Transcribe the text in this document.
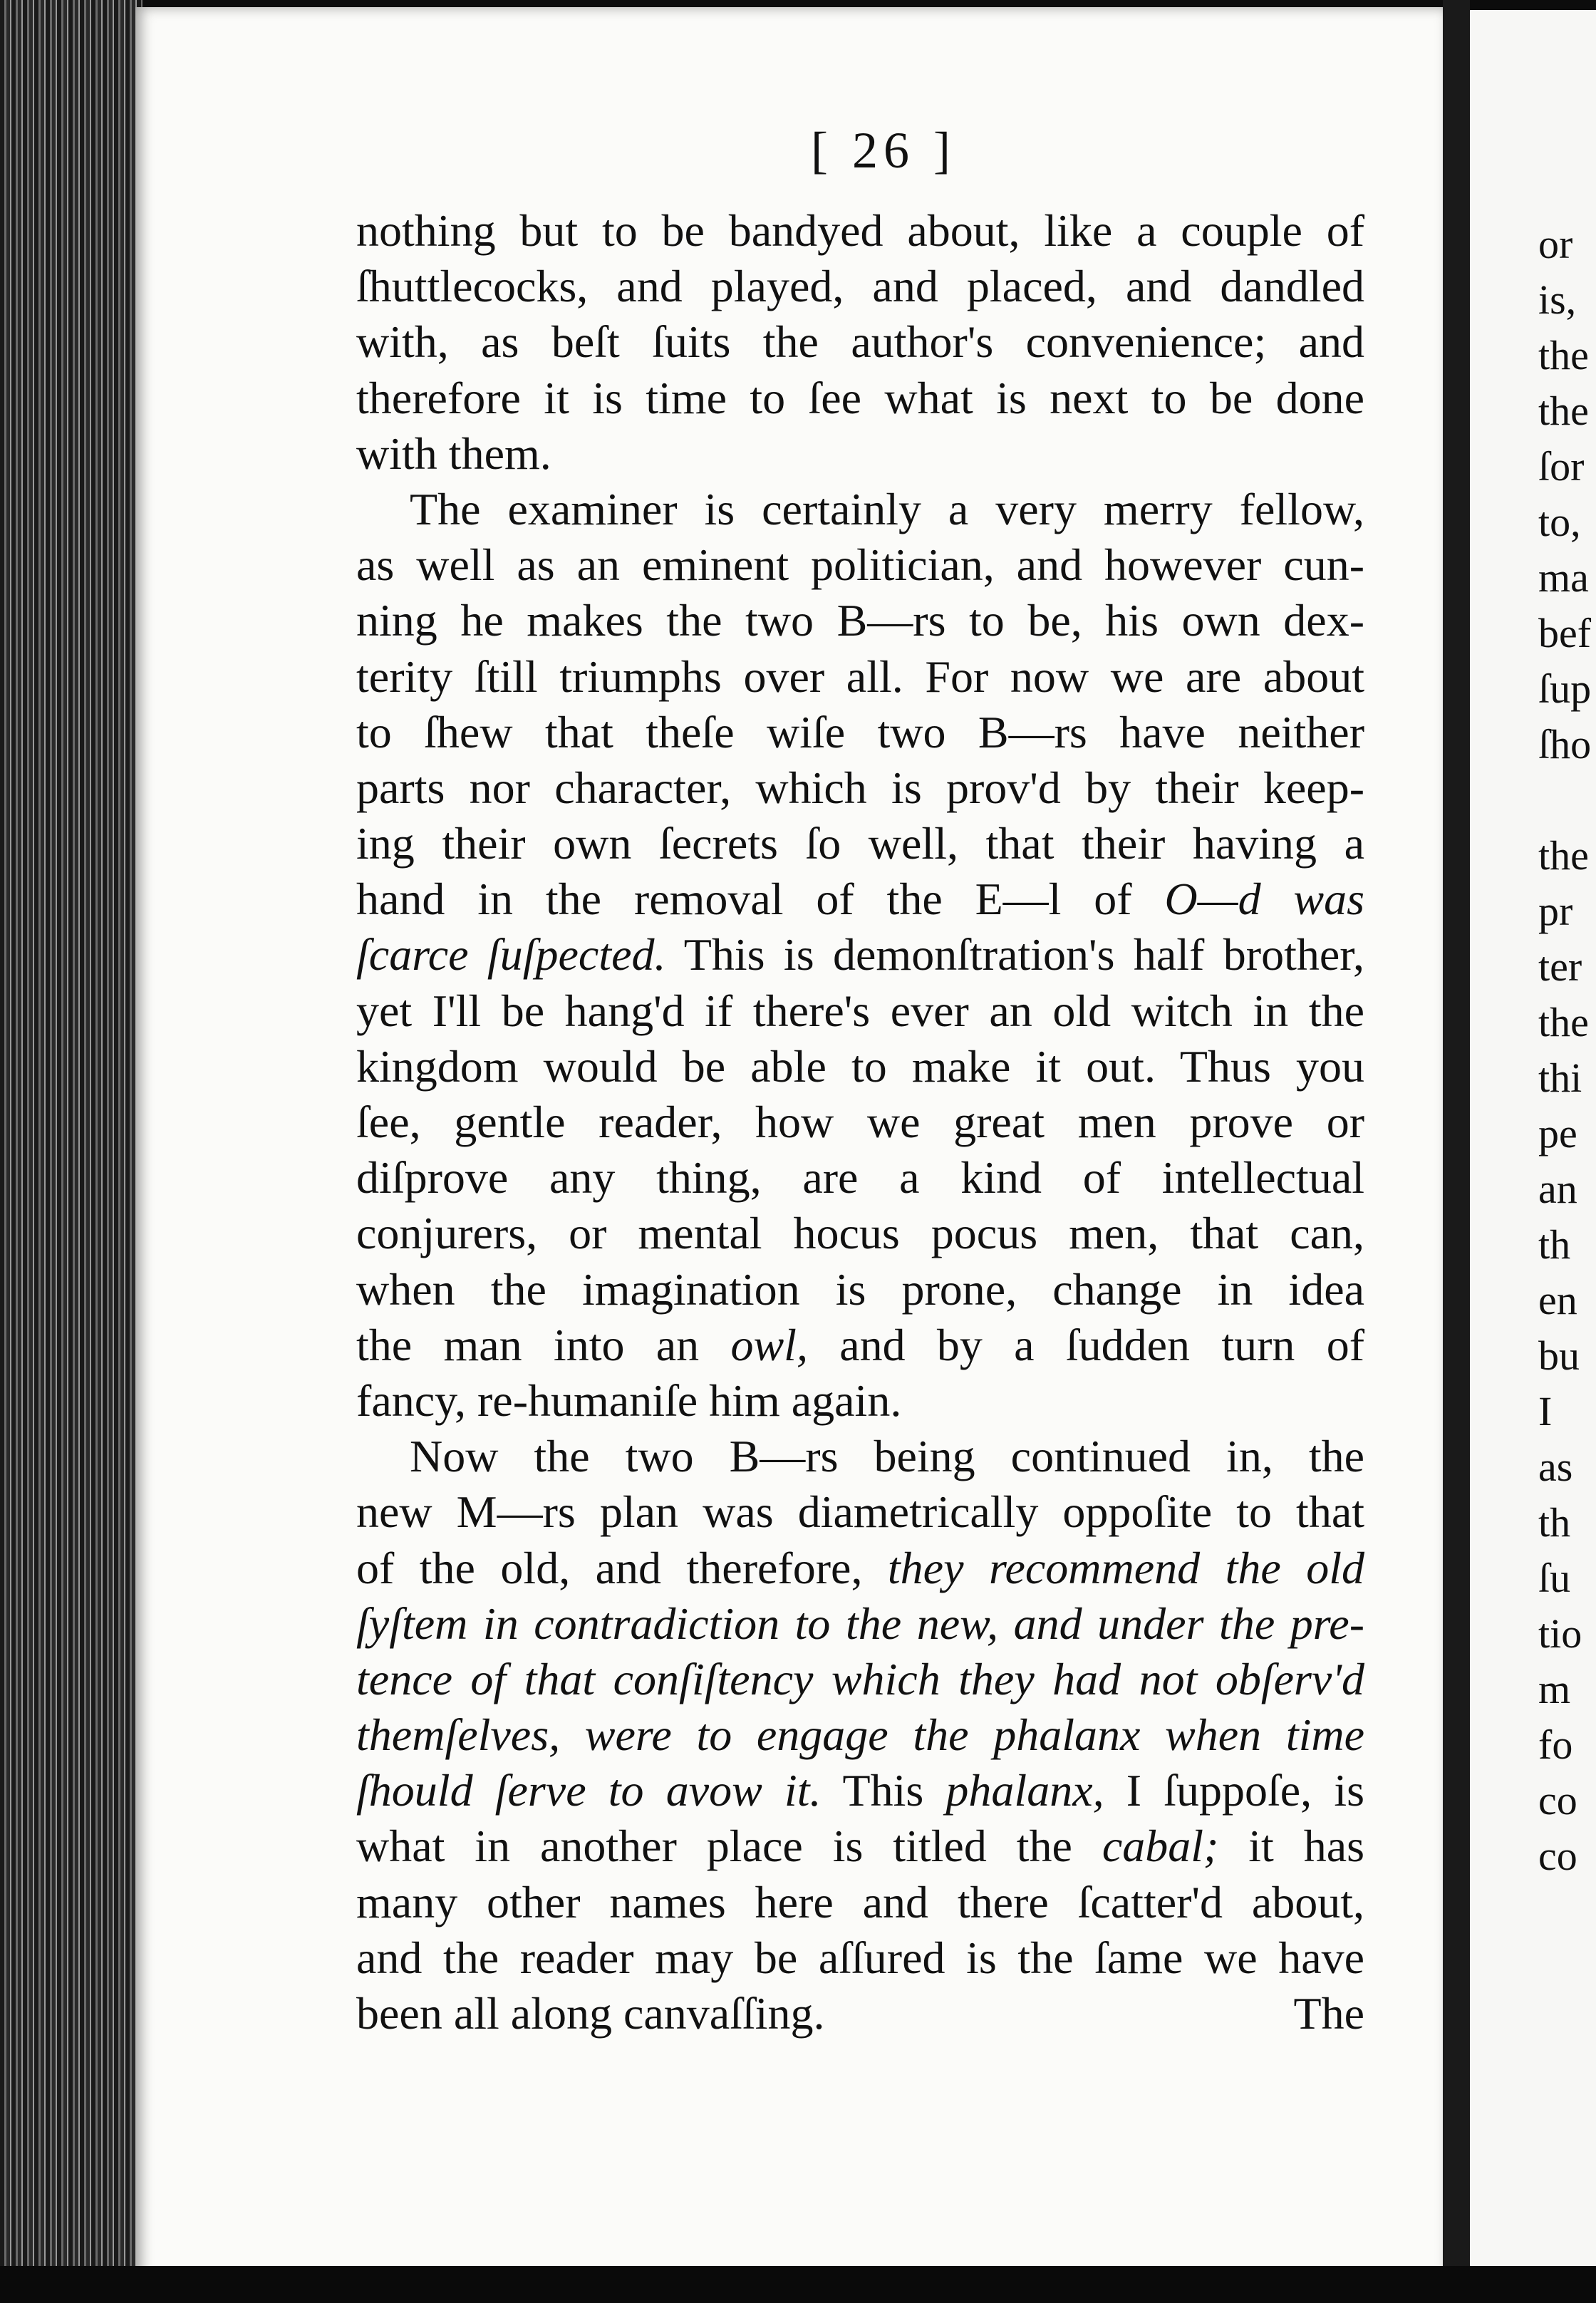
or
is,
the
the
ſor
to,
ma
bef
ſup
ſho
the
pr
ter
the
thi
pe
an
th
en
bu
I
as
th
ſu
tio
m
fo
co
co
[ 26 ]
nothing but to be bandyed about, like a couple of
ſhuttlecocks, and played, and placed, and dandled
with, as beſt ſuits the author's convenience; and
therefore it is time to ſee what is next to be done
with them.
The examiner is certainly a very merry fellow,
as well as an eminent politician, and however cun-
ning he makes the two B—rs to be, his own dex-
terity ſtill triumphs over all. For now we are about
to ſhew that theſe wiſe two B—rs have neither
parts nor character, which is prov'd by their keep-
ing their own ſecrets ſo well, that their having a
hand in the removal of the E—l of O—d was
ſcarce ſuſpected. This is demonſtration's half brother,
yet I'll be hang'd if there's ever an old witch in the
kingdom would be able to make it out. Thus you
ſee, gentle reader, how we great men prove or
diſprove any thing, are a kind of intellectual
conjurers, or mental hocus pocus men, that can,
when the imagination is prone, change in idea
the man into an owl, and by a ſudden turn of
fancy, re-humaniſe him again.
Now the two B—rs being continued in, the
new M—rs plan was diametrically oppoſite to that
of the old, and therefore, they recommend the old
ſyſtem in contradiction to the new, and under the pre-
tence of that conſiſtency which they had not obſerv'd
themſelves, were to engage the phalanx when time
ſhould ſerve to avow it. This phalanx, I ſuppoſe, is
what in another place is titled the cabal; it has
many other names here and there ſcatter'd about,
and the reader may be aſſured is the ſame we have
been all along canvaſſing.	The
